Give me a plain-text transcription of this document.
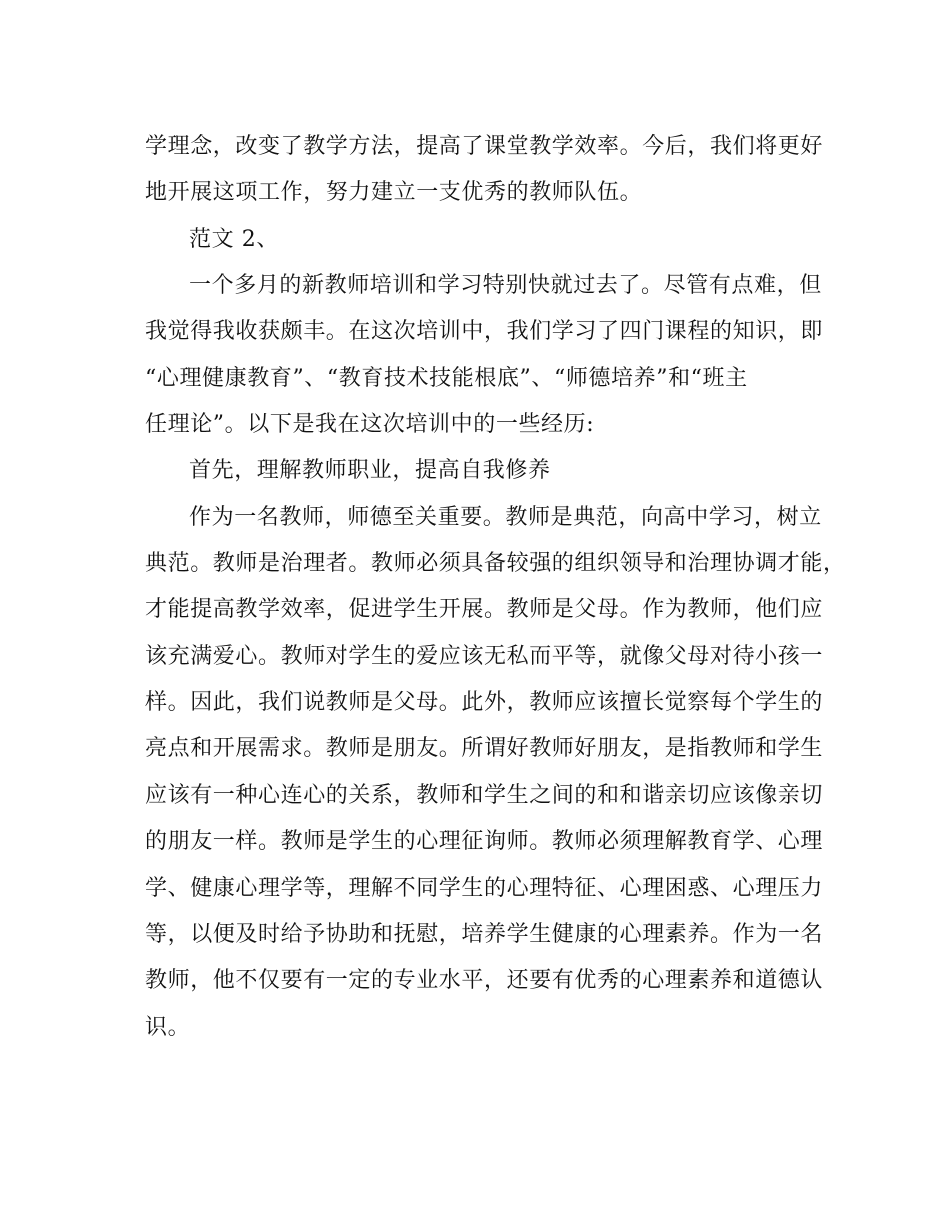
学理念，改变了教学方法，提高了课堂教学效率。今后，我们将更好
地开展这项工作，努力建立一支优秀的教师队伍。
范文 2、
一个多月的新教师培训和学习特别快就过去了。尽管有点难，但
我觉得我收获颇丰。在这次培训中，我们学习了四门课程的知识，即
“心理健康教育”、“教育技术技能根底”、“师德培养”和“班主
任理论”。以下是我在这次培训中的一些经历:
首先，理解教师职业，提高自我修养
作为一名教师，师德至关重要。教师是典范，向高中学习，树立
典范。教师是治理者。教师必须具备较强的组织领导和治理协调才能，
才能提高教学效率，促进学生开展。教师是父母。作为教师，他们应
该充满爱心。教师对学生的爱应该无私而平等，就像父母对待小孩一
样。因此，我们说教师是父母。此外，教师应该擅长觉察每个学生的
亮点和开展需求。教师是朋友。所谓好教师好朋友，是指教师和学生
应该有一种心连心的关系，教师和学生之间的和和谐亲切应该像亲切
的朋友一样。教师是学生的心理征询师。教师必须理解教育学、心理
学、健康心理学等，理解不同学生的心理特征、心理困惑、心理压力
等，以便及时给予协助和抚慰，培养学生健康的心理素养。作为一名
教师，他不仅要有一定的专业水平，还要有优秀的心理素养和道德认
识。
